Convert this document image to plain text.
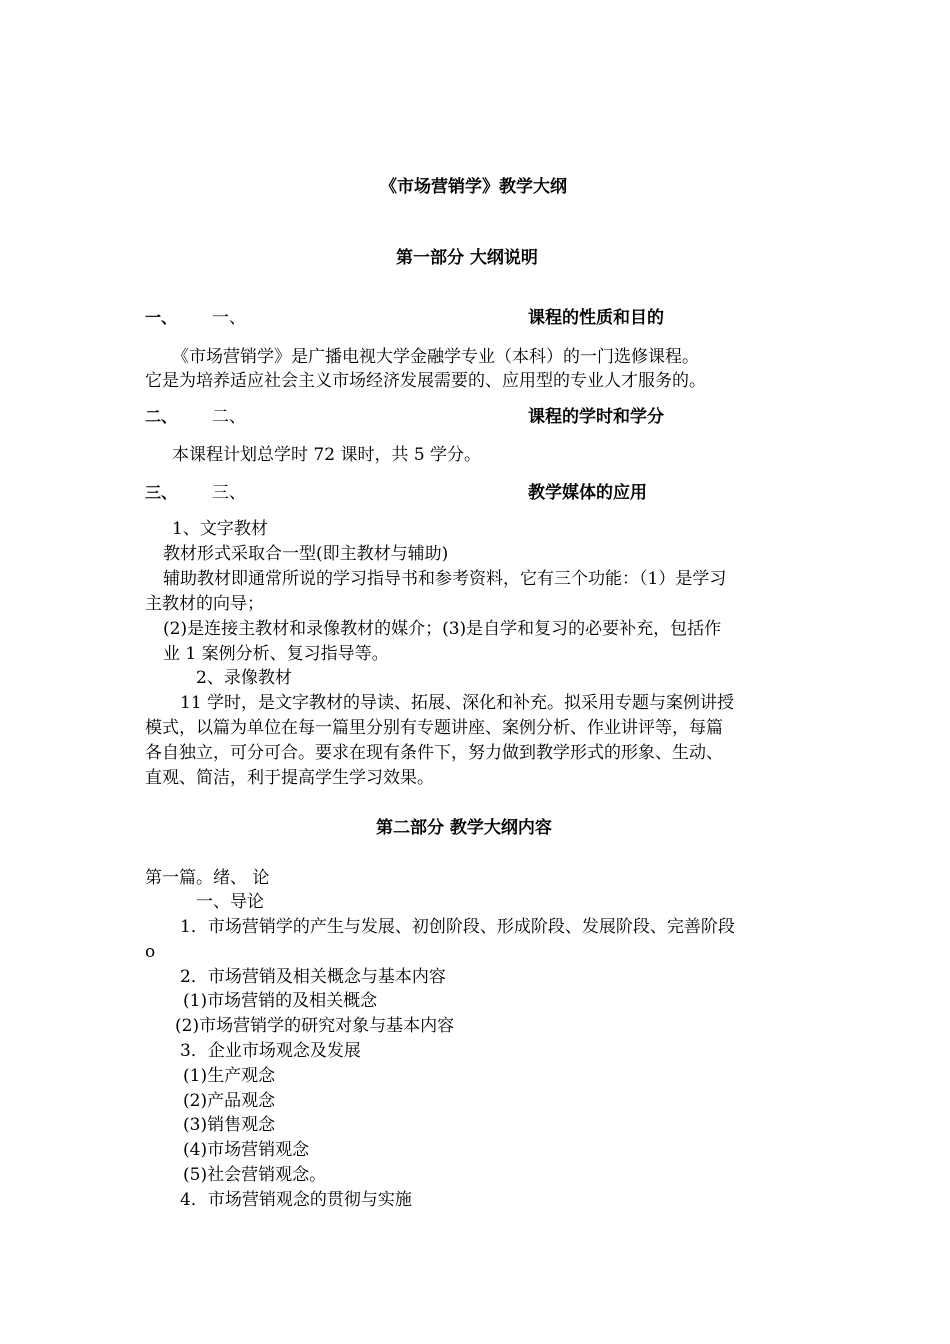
《市场营销学》教学大纲
第一部分 大纲说明
一、 一、	课程的性质和目的
《市场营销学》是广播电视大学金融学专业（本科）的一门选修课程。
它是为培养适应社会主义市场经济发展需要的、应用型的专业人才服务的。
二、 二、	课程的学时和学分
本课程计划总学时 72 课时，共 5 学分。
三、 三、	教学媒体的应用
1、文字教材
教材形式采取合一型(即主教材与辅助)
辅助教材即通常所说的学习指导书和参考资料，它有三个功能：（1）是学习
主教材的向导；
(2)是连接主教材和录像教材的媒介；(3)是自学和复习的必要补充，包括作
业 1 案例分析、复习指导等。
2、录像教材
11 学时，是文字教材的导读、拓展、深化和补充。拟采用专题与案例讲授
模式，以篇为单位在每一篇里分别有专题讲座、案例分析、作业讲评等，每篇
各自独立，可分可合。要求在现有条件下，努力做到教学形式的形象、生动、
直观、简洁，利于提高学生学习效果。
第二部分 教学大纲内容
第一篇。绪、 论
一、导论
1．市场营销学的产生与发展、初创阶段、形成阶段、发展阶段、完善阶段
o
2．市场营销及相关概念与基本内容
(1)市场营销的及相关概念
(2)市场营销学的研究对象与基本内容
3．企业市场观念及发展
(1)生产观念
(2)产品观念
(3)销售观念
(4)市场营销观念
(5)社会营销观念。
4．市场营销观念的贯彻与实施
